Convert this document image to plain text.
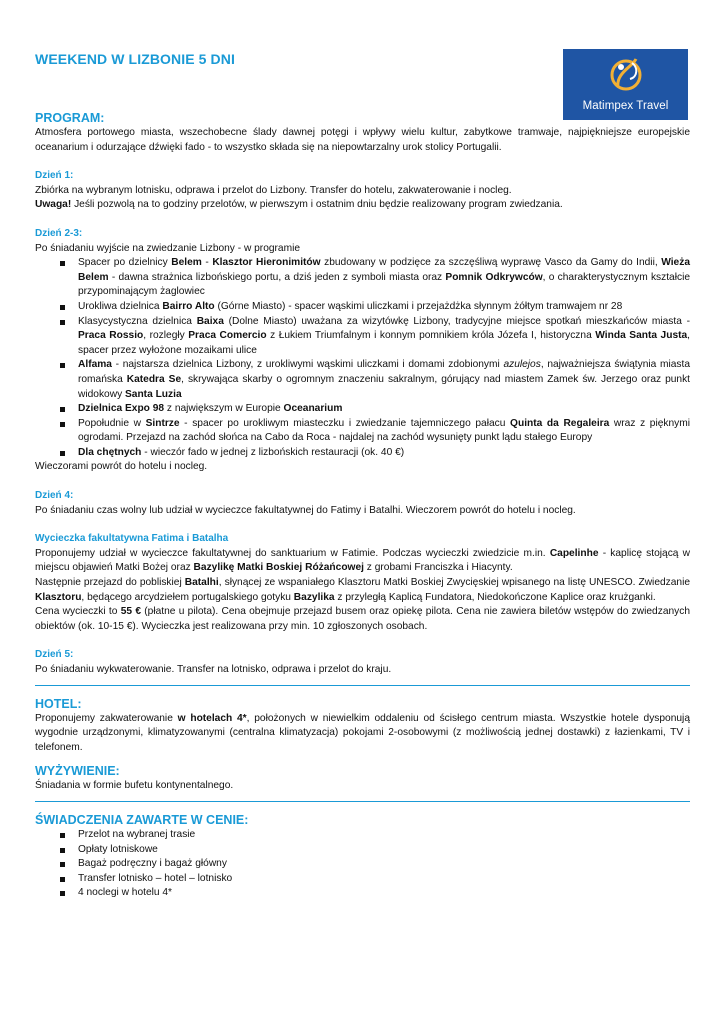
WEEKEND W LIZBONIE 5 DNI
Matimpex Travel
PROGRAM:

Atmosfera portowego miasta, wszechobecne ślady dawnej potęgi i wpływy wielu kultur, zabytkowe tramwaje, najpiękniejsze europejskie oceanarium i odurzające dźwięki fado - to wszystko składa się na niepowtarzalny urok stolicy Portugalii.

Dzień 1:

Zbiórka na wybranym lotnisku, odprawa i przelot do Lizbony. Transfer do hotelu, zakwaterowanie i nocleg.

Uwaga! Jeśli pozwolą na to godziny przelotów, w pierwszym i ostatnim dniu będzie realizowany program zwiedzania.

Dzień 2-3:

Po śniadaniu wyjście na zwiedzanie Lizbony - w programie

Spacer po dzielnicy Belem - Klasztor Hieronimitów zbudowany w podzięce za szczęśliwą wyprawę Vasco da Gamy do Indii, Wieża Belem - dawna strażnica lizbońskiego portu, a dziś jeden z symboli miasta oraz Pomnik Odkrywców, o charakterystycznym kształcie przypominającym żaglowiec
Urokliwa dzielnica Bairro Alto (Górne Miasto) - spacer wąskimi uliczkami i przejażdżka słynnym żółtym tramwajem nr 28
Klasycystyczna dzielnica Baixa (Dolne Miasto) uważana za wizytówkę Lizbony, tradycyjne miejsce spotkań mieszkańców miasta - Praca Rossio, rozległy Praca Comercio z Łukiem Triumfalnym i konnym pomnikiem króla Józefa I, historyczna Winda Santa Justa, spacer przez wyłożone mozaikami ulice
Alfama - najstarsza dzielnica Lizbony, z urokliwymi wąskimi uliczkami i domami zdobionymi azulejos, najważniejsza świątynia miasta romańska Katedra Se, skrywająca skarby o ogromnym znaczeniu sakralnym, górujący nad miastem Zamek św. Jerzego oraz punkt widokowy Santa Luzia
Dzielnica Expo 98 z największym w Europie Oceanarium
Popołudnie w Sintrze - spacer po urokliwym miasteczku i zwiedzanie tajemniczego pałacu Quinta da Regaleira wraz z pięknymi ogrodami. Przejazd na zachód słońca na Cabo da Roca - najdalej na zachód wysunięty punkt lądu stałego Europy
Dla chętnych - wieczór fado w jednej z lizbońskich restauracji (ok. 40 €)

Wieczorami powrót do hotelu i nocleg.

Dzień 4:

Po śniadaniu czas wolny lub udział w wycieczce fakultatywnej do Fatimy i Batalhi. Wieczorem powrót do hotelu i nocleg.

Wycieczka fakultatywna Fatima i Batalha

Proponujemy udział w wycieczce fakultatywnej do sanktuarium w Fatimie. Podczas wycieczki zwiedzicie m.in. Capelinhe - kaplicę stojącą w miejscu objawień Matki Bożej oraz Bazylikę Matki Boskiej Różańcowej z grobami Franciszka i Hiacynty.

Następnie przejazd do pobliskiej Batalhi, słynącej ze wspaniałego Klasztoru Matki Boskiej Zwycięskiej wpisanego na listę UNESCO. Zwiedzanie Klasztoru, będącego arcydziełem portugalskiego gotyku Bazylika z przyległą Kaplicą Fundatora, Niedokończone Kaplice oraz krużganki.

Cena wycieczki to 55 € (płatne u pilota). Cena obejmuje przejazd busem oraz opiekę pilota. Cena nie zawiera biletów wstępów do zwiedzanych obiektów (ok. 10-15 €). Wycieczka jest realizowana przy min. 10 zgłoszonych osobach.

Dzień 5:

Po śniadaniu wykwaterowanie. Transfer na lotnisko, odprawa i przelot do kraju.

HOTEL:

Proponujemy zakwaterowanie w hotelach 4*, położonych w niewielkim oddaleniu od ścisłego centrum miasta. Wszystkie hotele dysponują wygodnie urządzonymi, klimatyzowanymi (centralna klimatyzacja) pokojami 2-osobowymi (z możliwością jednej dostawki) z łazienkami, TV i telefonem.

WYŻYWIENIE:

Śniadania w formie bufetu kontynentalnego.

ŚWIADCZENIA ZAWARTE W CENIE:
Przelot na wybranej trasie
Opłaty lotniskowe
Bagaż podręczny i bagaż główny
Transfer lotnisko – hotel – lotnisko
4 noclegi w hotelu 4*
